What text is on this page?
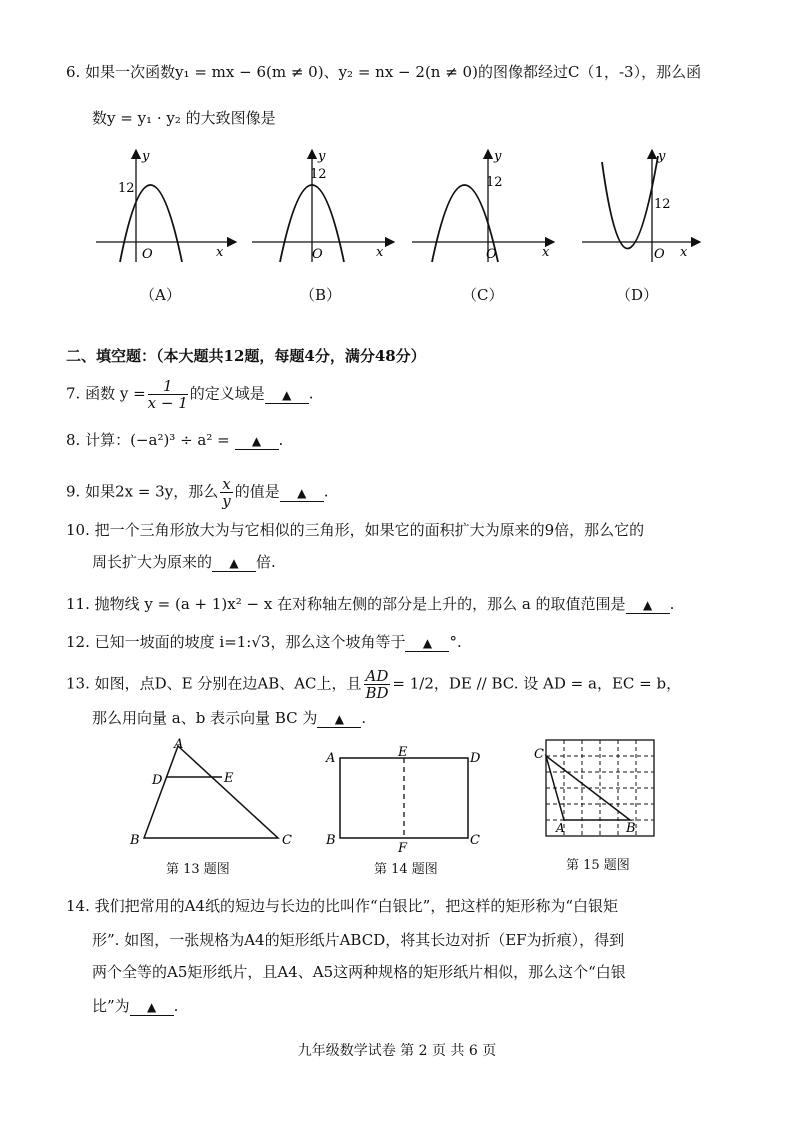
6. 如果一次函数y₁ = mx − 6(m ≠ 0)、y₂ = nx − 2(n ≠ 0)的图像都经过C（1，-3），那么函
数y = y₁ · y₂ 的大致图像是
y
x
O
12
（A）
y
x
O
12
（B）
y
x
O
12
（C）
y
x
O
12
（D）
二、填空题：（本大题共12题，每题4分，满分48分）
7. 函数 $y = \frac{1}{x - 1}$ 的定义域是 ▲ .
8. 计算：(−a²)³ ÷ a² = ▲ .
9. 如果2x = 3y，那么 $\frac{x}{y}$ 的值是 ▲ .
10. 把一个三角形放大为与它相似的三角形，如果它的面积扩大为原来的9倍，那么它的
周长扩大为原来的 ▲ 倍.
11. 抛物线 y = (a + 1)x² − x 在对称轴左侧的部分是上升的，那么 a 的取值范围是 ▲ .
12. 已知一坡面的坡度 i=1:√3，那么这个坡角等于 ▲ °.
13. 如图，点D、E 分别在边AB、AC上，且 $\frac{AD}{BD} = 1/2$，DE // BC. 设 AD = a，EC = b，
那么用向量 a、b 表示向量 BC 为 ▲ .
A
D	E
B	C
第 13 题图
A	E	D
B
F
C
第 14 题图
C
A	B
第 15 题图
14. 我们把常用的A4纸的短边与长边的比叫作“白银比”，把这样的矩形称为“白银矩
形”. 如图，一张规格为A4的矩形纸片ABCD，将其长边对折（EF为折痕），得到
两个全等的A5矩形纸片，且A4、A5这两种规格的矩形纸片相似，那么这个“白银
比”为 ▲ .
九年级数学试卷 第 2 页 共 6 页
